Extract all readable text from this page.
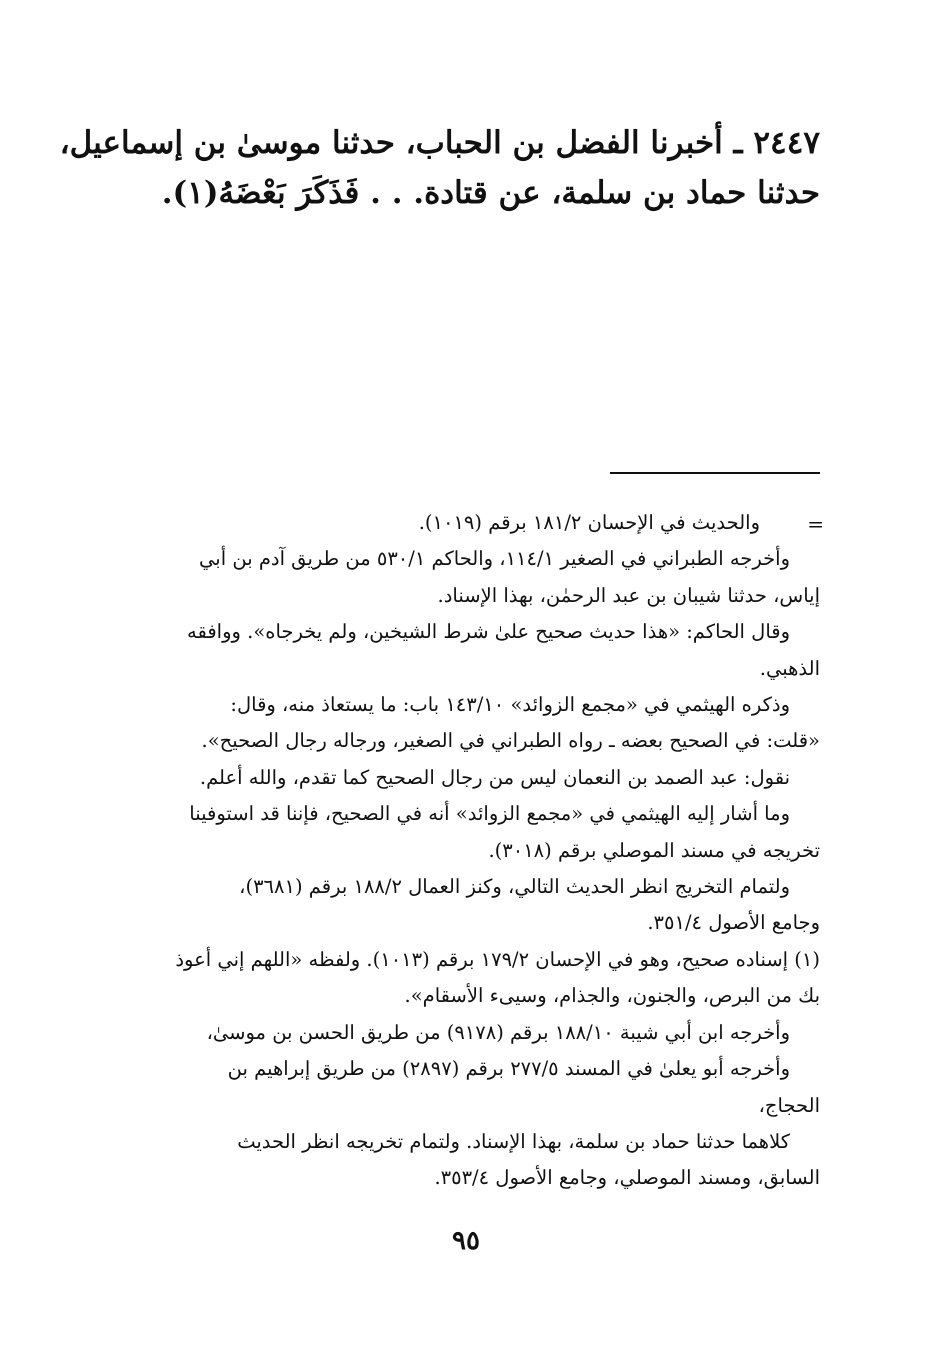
٢٤٤٧ ـ أخبرنا الفضل بن الحباب، حدثنا موسىٰ بن إسماعيل،
حدثنا حماد بن سلمة، عن قتادة. . . فَذَكَرَ بَعْضَهُ(١).
=
والحديث في الإحسان ١٨١/٢ برقم (١٠١٩).
وأخرجه الطبراني في الصغير ١١٤/١، والحاكم ٥٣٠/١ من طريق آدم بن أبي
إياس، حدثنا شيبان بن عبد الرحمٰن، بهذا الإسناد.
وقال الحاكم: «هذا حديث صحيح علىٰ شرط الشيخين، ولم يخرجاه». ووافقه
الذهبي.
وذكره الهيثمي في «مجمع الزوائد» ١٤٣/١٠ باب: ما يستعاذ منه، وقال:
«قلت: في الصحيح بعضه ـ رواه الطبراني في الصغير، ورجاله رجال الصحيح».
نقول: عبد الصمد بن النعمان ليس من رجال الصحيح كما تقدم، والله أعلم.
وما أشار إليه الهيثمي في «مجمع الزوائد» أنه في الصحيح، فإننا قد استوفينا
تخريجه في مسند الموصلي برقم (٣٠١٨).
ولتمام التخريج انظر الحديث التالي، وكنز العمال ١٨٨/٢ برقم (٣٦٨١)،
وجامع الأصول ٣٥١/٤.
(١) إسناده صحيح، وهو في الإحسان ١٧٩/٢ برقم (١٠١٣). ولفظه «اللهم إني أعوذ
بك من البرص، والجنون، والجذام، وسيىء الأسقام».
وأخرجه ابن أبي شيبة ١٨٨/١٠ برقم (٩١٧٨) من طريق الحسن بن موسىٰ،
وأخرجه أبو يعلىٰ في المسند ٢٧٧/٥ برقم (٢٨٩٧) من طريق إبراهيم بن
الحجاج،
كلاهما حدثنا حماد بن سلمة، بهذا الإسناد. ولتمام تخريجه انظر الحديث
السابق، ومسند الموصلي، وجامع الأصول ٣٥٣/٤.
٩٥
